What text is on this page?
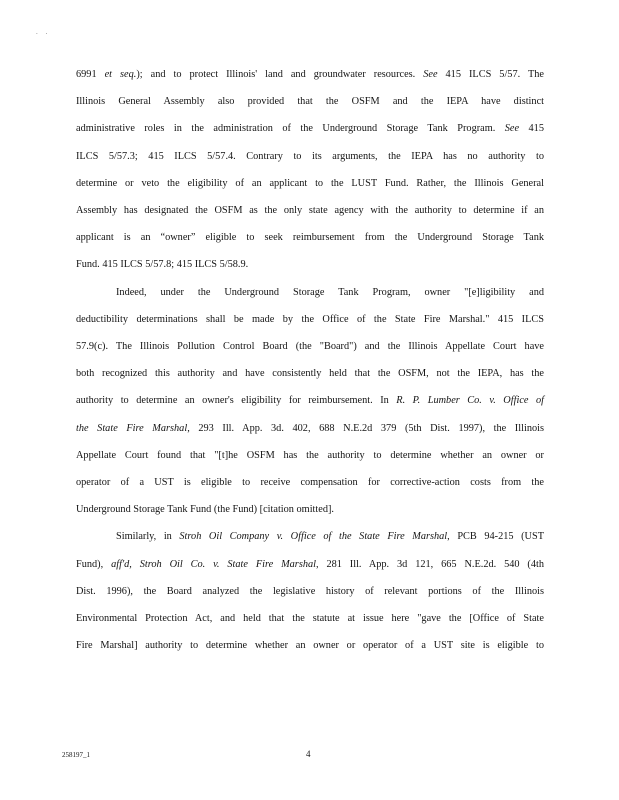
. .
6991 et seq.); and to protect Illinois' land and groundwater resources. See 415 ILCS 5/57. The
Illinois General Assembly also provided that the OSFM and the IEPA have distinct
administrative roles in the administration of the Underground Storage Tank Program. See 415
ILCS 5/57.3; 415 ILCS 5/57.4. Contrary to its arguments, the IEPA has no authority to
determine or veto the eligibility of an applicant to the LUST Fund. Rather, the Illinois General
Assembly has designated the OSFM as the only state agency with the authority to determine if an
applicant is an “owner” eligible to seek reimbursement from the Underground Storage Tank
Fund. 415 ILCS 5/57.8; 415 ILCS 5/58.9.
Indeed, under the Underground Storage Tank Program, owner "[e]ligibility and
deductibility determinations shall be made by the Office of the State Fire Marshal." 415 ILCS
57.9(c). The Illinois Pollution Control Board (the "Board") and the Illinois Appellate Court have
both recognized this authority and have consistently held that the OSFM, not the IEPA, has the
authority to determine an owner's eligibility for reimbursement. In R. P. Lumber Co. v. Office of
the State Fire Marshal, 293 Ill. App. 3d. 402, 688 N.E.2d 379 (5th Dist. 1997), the Illinois
Appellate Court found that "[t]he OSFM has the authority to determine whether an owner or
operator of a UST is eligible to receive compensation for corrective-action costs from the
Underground Storage Tank Fund (the Fund) [citation omitted].
Similarly, in Stroh Oil Company v. Office of the State Fire Marshal, PCB 94-215 (UST
Fund), aff'd, Stroh Oil Co. v. State Fire Marshal, 281 Ill. App. 3d 121, 665 N.E.2d. 540 (4th
Dist. 1996), the Board analyzed the legislative history of relevant portions of the Illinois
Environmental Protection Act, and held that the statute at issue here "gave the [Office of State
Fire Marshal] authority to determine whether an owner or operator of a UST site is eligible to
258197_1	4
